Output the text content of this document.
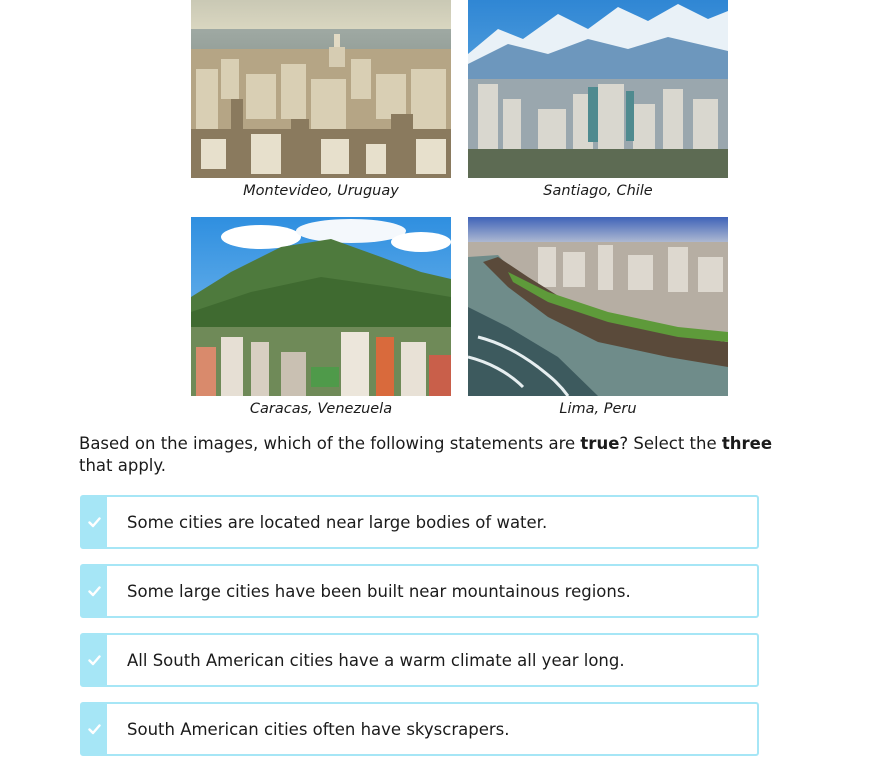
Montevideo, Uruguay	Santiago, Chile
Caracas, Venezuela	Lima, Peru
Based on the images, which of the following statements are true? Select the three that apply.
Some cities are located near large bodies of water.
Some large cities have been built near mountainous regions.
All South American cities have a warm climate all year long.
South American cities often have skyscrapers.
